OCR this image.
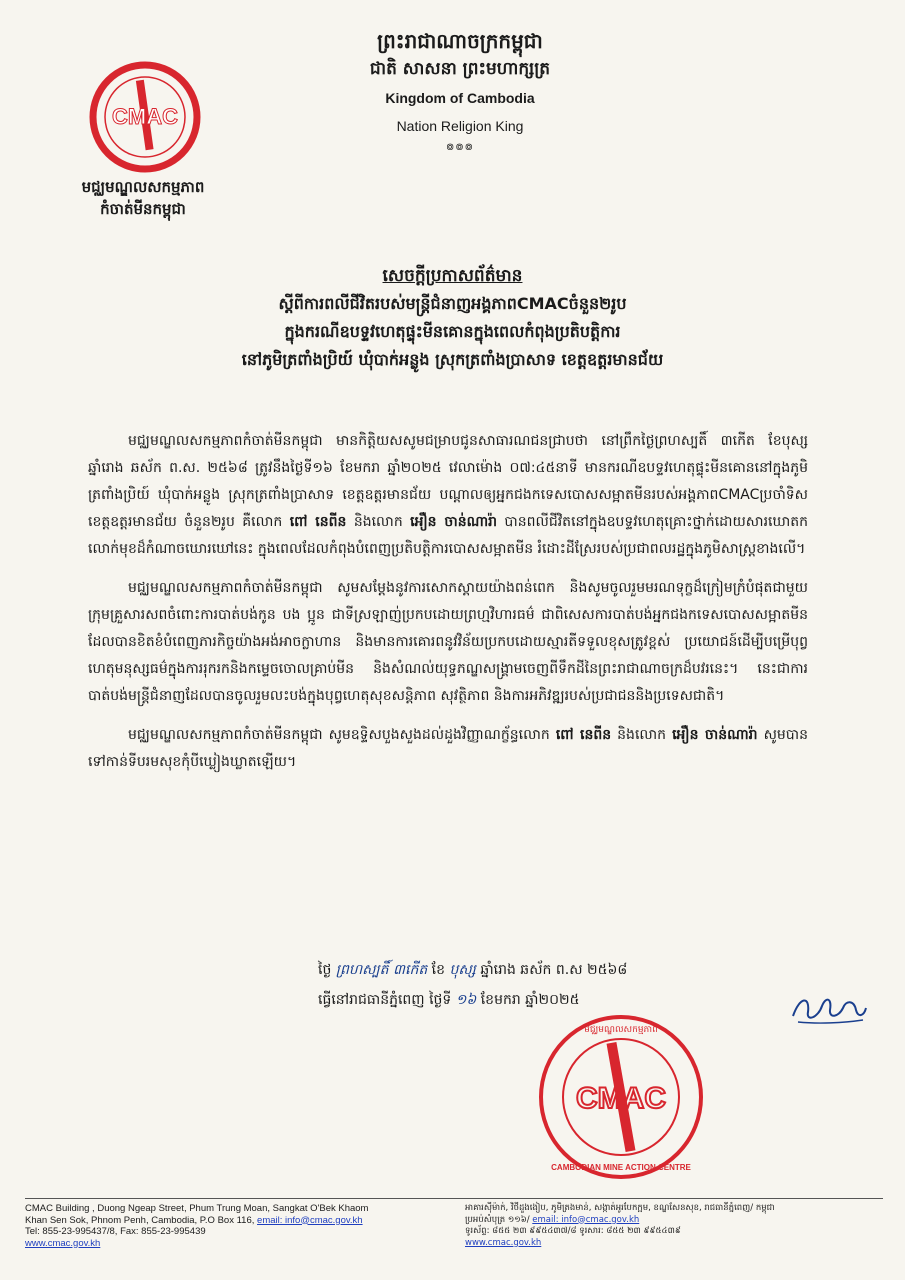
CMAC
ព្រះរាជាណាចក្រកម្ពុជា
ជាតិ សាសនា ព្រះមហាក្សត្រ
Kingdom of Cambodia
Nation Religion King
៙៙៙
មជ្ឈមណ្ឌលសកម្មភាព
កំចាត់មីនកម្ពុជា
សេចក្តីប្រកាសព័ត៌មាន
ស្តីពីការពលីជីវិតរបស់មន្ត្រីជំនាញអង្គភាពCMACចំនួន២រូប
ក្នុងករណីឧបទ្ទវហេតុផ្ទុះមីនគោនក្នុងពេលកំពុងប្រតិបត្តិការ
នៅភូមិត្រពាំងប្រិយ៍ ឃុំបាក់អន្លូង ស្រុកត្រពាំងប្រាសាទ ខេត្តឧត្តរមានជ័យ

មជ្ឈមណ្ឌលសកម្មភាពកំចាត់មីនកម្ពុជា មានកិត្តិយសសូមជម្រាបជូនសាធារណជនជ្រាបថា នៅព្រឹកថ្ងៃព្រហស្បតិ៍ ៣កើត ខែបុស្ស ឆ្នាំរោង ឆស័ក ព.ស. ២៥៦៨ ត្រូវនឹងថ្ងៃទី១៦ ខែមករា ឆ្នាំ២០២៥ វេលាម៉ោង ០៧:៤៥នាទី មានករណីឧបទ្ទវហេតុផ្ទុះមីនគោននៅក្នុងភូមិត្រពាំងប្រិយ៍ ឃុំបាក់អន្លូង ស្រុកត្រពាំងប្រាសាទ ខេត្តឧត្តរមានជ័យ បណ្តាលឲ្យអ្នកជងកទេសបោសសម្អាតមីនរបស់អង្គភាពCMACប្រចាំទិសខេត្តឧត្តរមានជ័យ ចំនួន២រូប គឺលោក ពៅ នេពីន និងលោក អឿន ចាន់ណារ៉ា បានពលីជីវិតនៅក្នុងឧបទ្ទវហេតុគ្រោះថ្នាក់ដោយសារឃោតកលោក់មុខដ៏កំណាចឃោរឃៅនេះ ក្នុងពេលដែលកំពុងបំពេញប្រតិបត្តិការបោសសម្អាតមីន រំដោះដីស្រែរបស់ប្រជាពលរដ្ឋក្នុងភូមិសាស្ត្រខាងលើ។

មជ្ឈមណ្ឌលសកម្មភាពកំចាត់មីនកម្ពុជា សូមសម្តែងនូវការសោកស្តាយយ៉ាងពន់ពេក និងសូមចូលរួមមរណទុក្ខដ៏ក្រៀមក្រំបំផុតជាមួយក្រុមគ្រួសារសពចំពោះការបាត់បង់កូន បង ប្អូន ជាទីស្រឡាញ់ប្រកបដោយព្រហ្មវិហារធម៌ ជាពិសេសការបាត់បង់អ្នកជងកទេសបោសសម្អាតមីន ដែលបានខិតខំបំពេញភារកិច្ចយ៉ាងអង់អាចក្លាហាន និងមានការគោរពនូវវិន័យប្រកបដោយស្មារតីទទួលខុសត្រូវខ្ពស់ ប្រយោជន៍ដើម្បីបម្រើបុព្វហេតុមនុស្សធម៌ក្នុងការរុករកនិងកម្ទេចចោលគ្រាប់មីន និងសំណល់យុទ្ធភណ្ឌសង្គ្រាមចេញពីទឹកដីនៃព្រះរាជាណាចក្រដ៏បវរនេះ។ នេះជាការបាត់បង់មន្ត្រីជំនាញដែលបានចូលរួមលះបង់ក្នុងបុព្វហេតុសុខសន្តិភាព សុវត្ថិភាព និងការអភិវឌ្ឍរបស់ប្រជាជននិងប្រទេសជាតិ។

មជ្ឈមណ្ឌលសកម្មភាពកំចាត់មីនកម្ពុជា សូមឧទ្ទិសបួងសួងដល់ដួងវិញ្ញាណក្ខ័ន្ធលោក ពៅ នេពីន និងលោក អឿន ចាន់ណារ៉ា សូមបានទៅកាន់ទីបរមសុខកុំបីឃ្លៀងឃ្លាតឡើយ។

ថ្ងៃ ព្រហស្បតិ៍ ៣កើត ខែ បុស្ស ឆ្នាំរោង ឆស័ក ព.ស ២៥៦៨
ធ្វើនៅរាជធានីភ្នំពេញ ថ្ងៃទី ១៦ ខែមករា ឆ្នាំ២០២៥
CMAC
មជ្ឈមណ្ឌលសកម្មភាព
CAMBODIAN MINE ACTION CENTRE
CMAC Building , Duong Ngeap Street, Phum Trung Moan, Sangkat O'Bek Khaom
Khan Sen Sok, Phnom Penh, Cambodia, P.O Box 116, email: info@cmac.gov.kh
Tel: 855-23-995437/8, Fax: 855-23-995439
www.cmac.gov.kh
អាគារស៊ីម៉ាក់, វិថីដួងងៀប, ភូមិត្រងមាន់, សង្កាត់អូរបែកក្អម, ខណ្ឌសែនសុខ, រាជធានីភ្នំពេញ/ កម្ពុជា
ប្រអប់សំបុត្រ ១១៦/ email: info@cmac.gov.kh
ទូរស័ព្ទ: ៨៥៥ ២៣ ៩៩៥៤៣៧/៨ ទូរសារ: ៨៥៥ ២៣ ៩៩៥៤៣៩
www.cmac.gov.kh
